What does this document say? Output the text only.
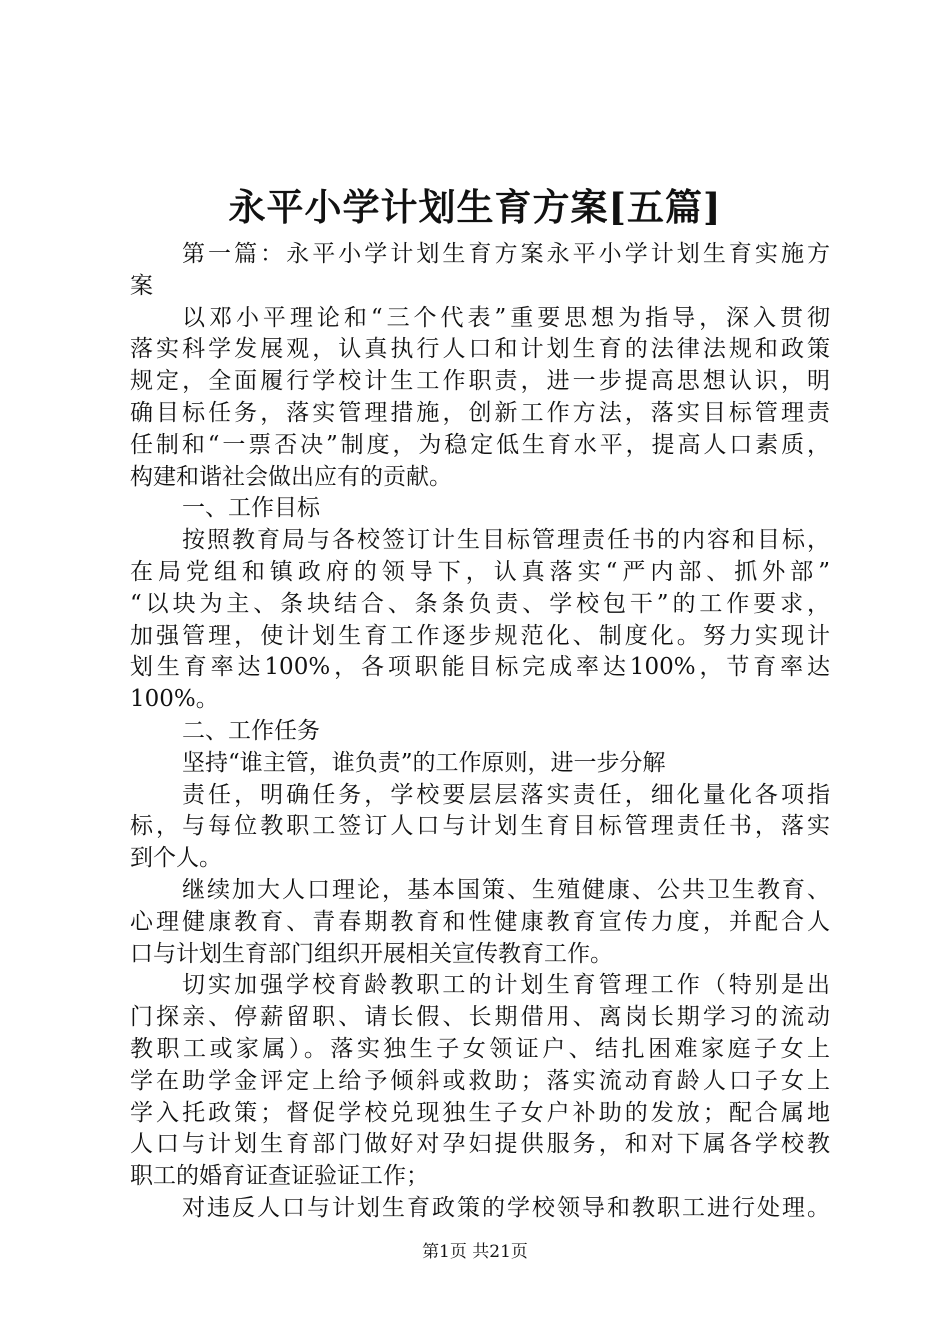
永平小学计划生育方案[五篇]
第一篇：永平小学计划生育方案永平小学计划生育实施方
案
以邓小平理论和“三个代表”重要思想为指导，深入贯彻
落实科学发展观，认真执行人口和计划生育的法律法规和政策
规定，全面履行学校计生工作职责，进一步提高思想认识，明
确目标任务，落实管理措施，创新工作方法，落实目标管理责
任制和“一票否决”制度，为稳定低生育水平，提高人口素质，
构建和谐社会做出应有的贡献。
一、工作目标
按照教育局与各校签订计生目标管理责任书的内容和目标，
在局党组和镇政府的领导下，认真落实“严内部、抓外部”
“以块为主、条块结合、条条负责、学校包干”的工作要求，
加强管理，使计划生育工作逐步规范化、制度化。努力实现计
划生育率达100%，各项职能目标完成率达100%，节育率达
100%。
二、工作任务
坚持“谁主管，谁负责”的工作原则，进一步分解
责任，明确任务，学校要层层落实责任，细化量化各项指
标，与每位教职工签订人口与计划生育目标管理责任书，落实
到个人。
继续加大人口理论，基本国策、生殖健康、公共卫生教育、
心理健康教育、青春期教育和性健康教育宣传力度，并配合人
口与计划生育部门组织开展相关宣传教育工作。
切实加强学校育龄教职工的计划生育管理工作（特别是出
门探亲、停薪留职、请长假、长期借用、离岗长期学习的流动
教职工或家属）。落实独生子女领证户、结扎困难家庭子女上
学在助学金评定上给予倾斜或救助；落实流动育龄人口子女上
学入托政策；督促学校兑现独生子女户补助的发放；配合属地
人口与计划生育部门做好对孕妇提供服务，和对下属各学校教
职工的婚育证查证验证工作；
对违反人口与计划生育政策的学校领导和教职工进行处理。
第1页 共21页
